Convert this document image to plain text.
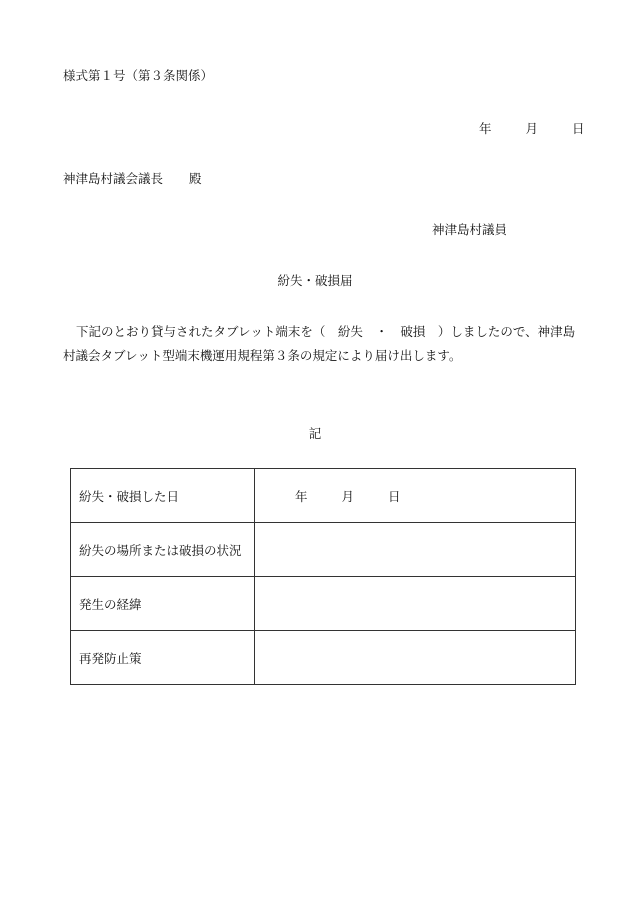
様式第１号（第３条関係）
年	月	日
神津島村議会議長 殿
神津島村議員
紛失・破損届
下記のとおり貸与されたタブレット端末を（　紛失　・　破損　）しましたので、神津島村議会タブレット型端末機運用規程第３条の規定により届け出します。
記
紛失・破損した日	年 月 日
紛失の場所または破損の状況	
発生の経緯	
再発防止策	
